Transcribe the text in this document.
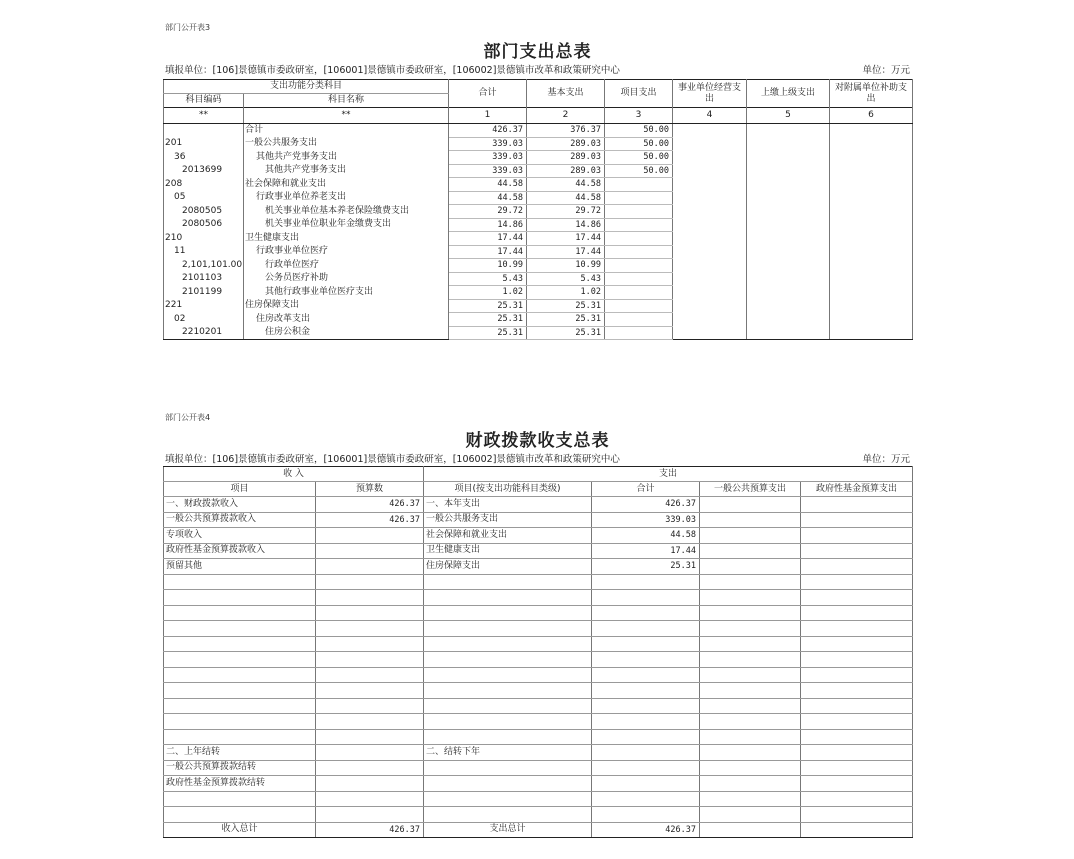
部门公开表3
部门支出总表
填报单位：[106]景德镇市委政研室，[106001]景德镇市委政研室，[106002]景德镇市改革和政策研究中心	单位：万元
支出功能分类科目		合计	基本支出	项目支出	事业单位经营支出	上缴上级支出	对附属单位补助支出
科目编码	科目名称						
**	**	1	2	3	4	5	6
	合计	426.37	376.37	50.00			
201	一般公共服务支出	339.03	289.03	50.00			
36	其他共产党事务支出	339.03	289.03	50.00			
2013699	其他共产党事务支出	339.03	289.03	50.00			
208	社会保障和就业支出	44.58	44.58				
05	行政事业单位养老支出	44.58	44.58				
2080505	机关事业单位基本养老保险缴费支出	29.72	29.72				
2080506	机关事业单位职业年金缴费支出	14.86	14.86				
210	卫生健康支出	17.44	17.44				
11	行政事业单位医疗	17.44	17.44				
2,101,101.00	行政单位医疗	10.99	10.99				
2101103	公务员医疗补助	5.43	5.43				
2101199	其他行政事业单位医疗支出	1.02	1.02				
221	住房保障支出	25.31	25.31				
02	住房改革支出	25.31	25.31				
2210201	住房公积金	25.31	25.31				
部门公开表4
财政拨款收支总表
填报单位：[106]景德镇市委政研室，[106001]景德镇市委政研室，[106002]景德镇市改革和政策研究中心	单位：万元
收 入		支出			
项目	预算数	项目(按支出功能科目类级)	合计	一般公共预算支出	政府性基金预算支出
一、财政拨款收入	426.37	一、本年支出	426.37		
一般公共预算拨款收入	426.37	一般公共服务支出	339.03		
专项收入		社会保障和就业支出	44.58		
政府性基金预算拨款收入		卫生健康支出	17.44		
预留其他		住房保障支出	25.31		

二、上年结转		二、结转下年			
一般公共预算拨款结转					
政府性基金预算拨款结转					

收入总计	426.37	支出总计	426.37		
